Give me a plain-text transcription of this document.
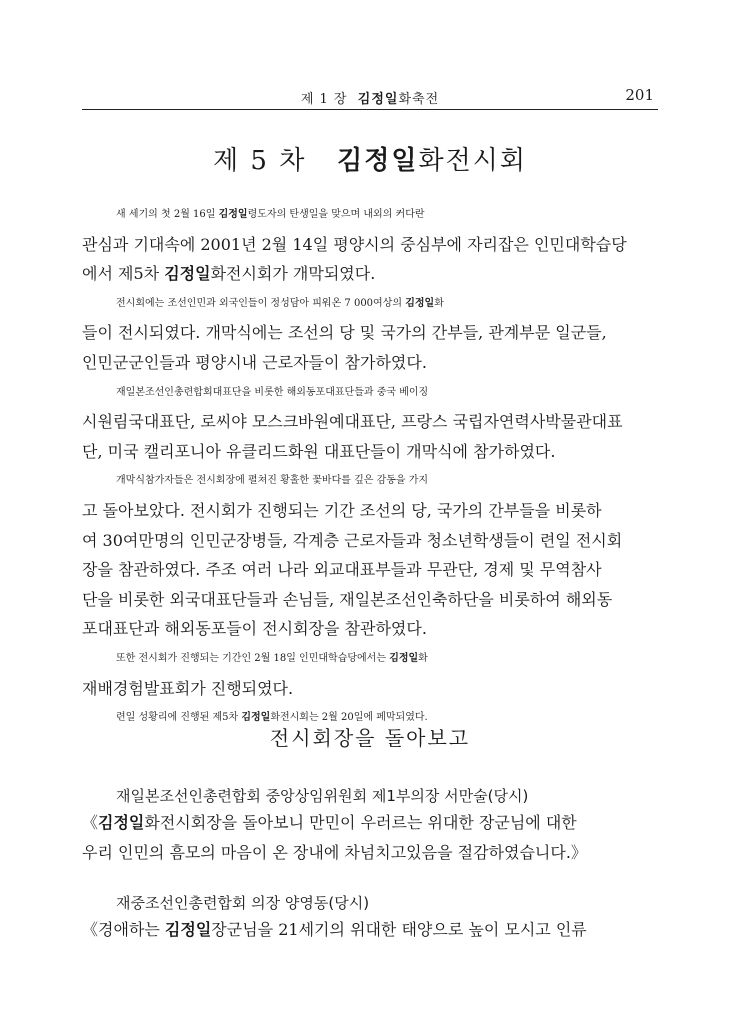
제 1 장 김정일화축전	201
제 5 차 김정일화전시회

새 세기의 첫 2월 16일 김정일령도자의 탄생일을 맞으며 내외의 커다란
관심과 기대속에 2001년 2월 14일 평양시의 중심부에 자리잡은 인민대학습당
에서 제5차 김정일화전시회가 개막되였다.

전시회에는 조선인민과 외국인들이 정성담아 피워온 7 000여상의 김정일화
들이 전시되였다. 개막식에는 조선의 당 및 국가의 간부들, 관계부문 일군들,
인민군군인들과 평양시내 근로자들이 참가하였다.

재일본조선인총련합회대표단을 비롯한 해외동포대표단들과 중국 베이징
시원림국대표단, 로씨야 모스크바원예대표단, 프랑스 국립자연력사박물관대표
단, 미국 캘리포니아 유클리드화원 대표단들이 개막식에 참가하였다.

개막식참가자들은 전시회장에 펼쳐진 황홀한 꽃바다를 깊은 감동을 가지
고 돌아보았다. 전시회가 진행되는 기간 조선의 당, 국가의 간부들을 비롯하
여 30여만명의 인민군장병들, 각계층 근로자들과 청소년학생들이 련일 전시회
장을 참관하였다. 주조 여러 나라 외교대표부들과 무관단, 경제 및 무역참사
단을 비롯한 외국대표단들과 손님들, 재일본조선인축하단을 비롯하여 해외동
포대표단과 해외동포들이 전시회장을 참관하였다.

또한 전시회가 진행되는 기간인 2월 18일 인민대학습당에서는 김정일화
재배경험발표회가 진행되였다.

련일 성황리에 진행된 제5차 김정일화전시회는 2월 20일에 페막되였다.

전시회장을 돌아보고
재일본조선인총련합회 중앙상임위원회 제1부의장 서만술(당시)
《김정일화전시회장을 돌아보니 만민이 우러르는 위대한 장군님에 대한
우리 인민의 흠모의 마음이 온 장내에 차넘치고있음을 절감하였습니다.》
재중조선인총련합회 의장 양영동(당시)
《경애하는 김정일장군님을 21세기의 위대한 태양으로 높이 모시고 인류
